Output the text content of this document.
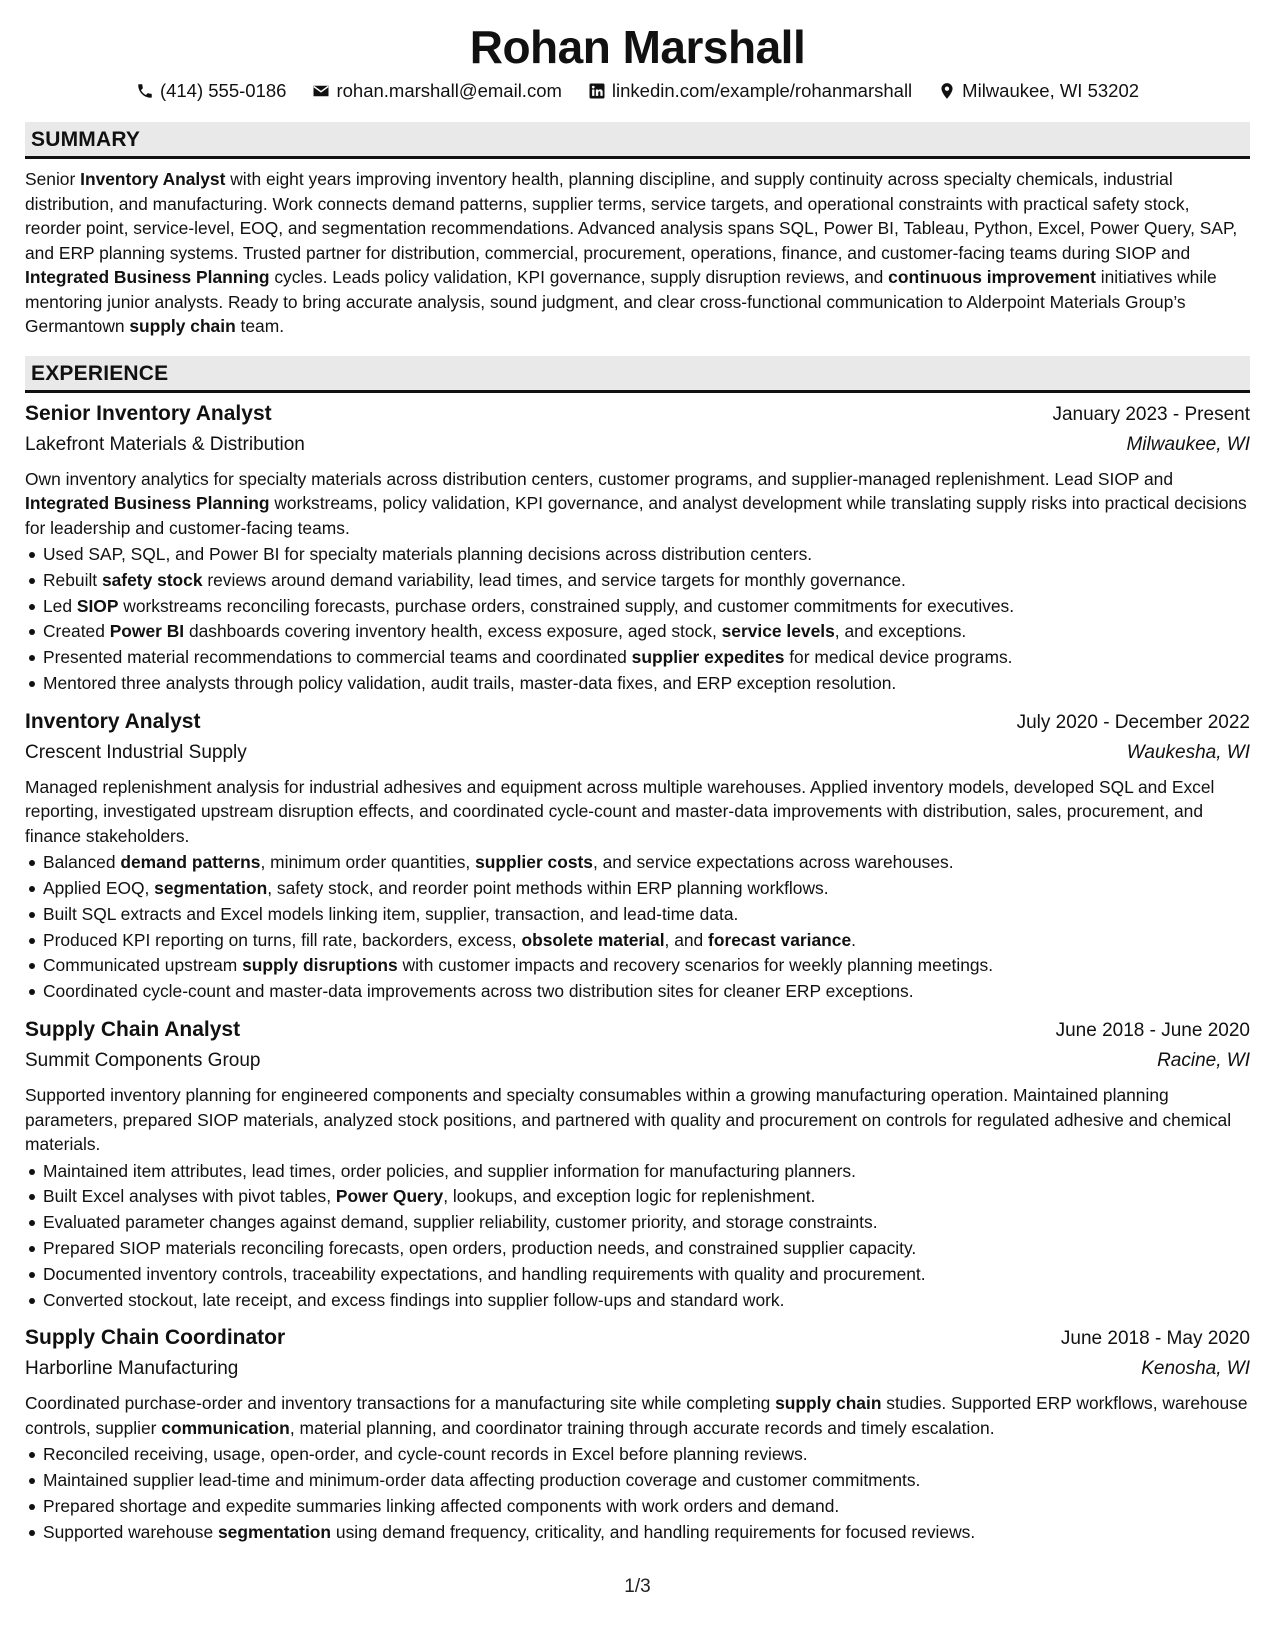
Rohan Marshall
(414) 555-0186	rohan.marshall@email.com	linkedin.com/example/rohanmarshall	Milwaukee, WI 53202
SUMMARY

Senior Inventory Analyst with eight years improving inventory health, planning discipline, and supply continuity across specialty chemicals, industrial distribution, and manufacturing. Work connects demand patterns, supplier terms, service targets, and operational constraints with practical safety stock, reorder point, service-level, EOQ, and segmentation recommendations. Advanced analysis spans SQL, Power BI, Tableau, Python, Excel, Power Query, SAP, and ERP planning systems. Trusted partner for distribution, commercial, procurement, operations, finance, and customer-facing teams during SIOP and Integrated Business Planning cycles. Leads policy validation, KPI governance, supply disruption reviews, and continuous improvement initiatives while mentoring junior analysts. Ready to bring accurate analysis, sound judgment, and clear cross-functional communication to Alderpoint Materials Group’s Germantown supply chain team.

EXPERIENCE
Senior Inventory Analyst	January 2023 - Present
Lakefront Materials & Distribution	Milwaukee, WI

Own inventory analytics for specialty materials across distribution centers, customer programs, and supplier-managed replenishment. Lead SIOP and Integrated Business Planning workstreams, policy validation, KPI governance, and analyst development while translating supply risks into practical decisions for leadership and customer-facing teams.

Used SAP, SQL, and Power BI for specialty materials planning decisions across distribution centers.
Rebuilt safety stock reviews around demand variability, lead times, and service targets for monthly governance.
Led SIOP workstreams reconciling forecasts, purchase orders, constrained supply, and customer commitments for executives.
Created Power BI dashboards covering inventory health, excess exposure, aged stock, service levels, and exceptions.
Presented material recommendations to commercial teams and coordinated supplier expedites for medical device programs.
Mentored three analysts through policy validation, audit trails, master-data fixes, and ERP exception resolution.
Inventory Analyst	July 2020 - December 2022
Crescent Industrial Supply	Waukesha, WI

Managed replenishment analysis for industrial adhesives and equipment across multiple warehouses. Applied inventory models, developed SQL and Excel reporting, investigated upstream disruption effects, and coordinated cycle-count and master-data improvements with distribution, sales, procurement, and finance stakeholders.

Balanced demand patterns, minimum order quantities, supplier costs, and service expectations across warehouses.
Applied EOQ, segmentation, safety stock, and reorder point methods within ERP planning workflows.
Built SQL extracts and Excel models linking item, supplier, transaction, and lead-time data.
Produced KPI reporting on turns, fill rate, backorders, excess, obsolete material, and forecast variance.
Communicated upstream supply disruptions with customer impacts and recovery scenarios for weekly planning meetings.
Coordinated cycle-count and master-data improvements across two distribution sites for cleaner ERP exceptions.
Supply Chain Analyst	June 2018 - June 2020
Summit Components Group	Racine, WI

Supported inventory planning for engineered components and specialty consumables within a growing manufacturing operation. Maintained planning parameters, prepared SIOP materials, analyzed stock positions, and partnered with quality and procurement on controls for regulated adhesive and chemical materials.

Maintained item attributes, lead times, order policies, and supplier information for manufacturing planners.
Built Excel analyses with pivot tables, Power Query, lookups, and exception logic for replenishment.
Evaluated parameter changes against demand, supplier reliability, customer priority, and storage constraints.
Prepared SIOP materials reconciling forecasts, open orders, production needs, and constrained supplier capacity.
Documented inventory controls, traceability expectations, and handling requirements with quality and procurement.
Converted stockout, late receipt, and excess findings into supplier follow-ups and standard work.
Supply Chain Coordinator	June 2018 - May 2020
Harborline Manufacturing	Kenosha, WI

Coordinated purchase-order and inventory transactions for a manufacturing site while completing supply chain studies. Supported ERP workflows, warehouse controls, supplier communication, material planning, and coordinator training through accurate records and timely escalation.

Reconciled receiving, usage, open-order, and cycle-count records in Excel before planning reviews.
Maintained supplier lead-time and minimum-order data affecting production coverage and customer commitments.
Prepared shortage and expedite summaries linking affected components with work orders and demand.
Supported warehouse segmentation using demand frequency, criticality, and handling requirements for focused reviews.
1/3
